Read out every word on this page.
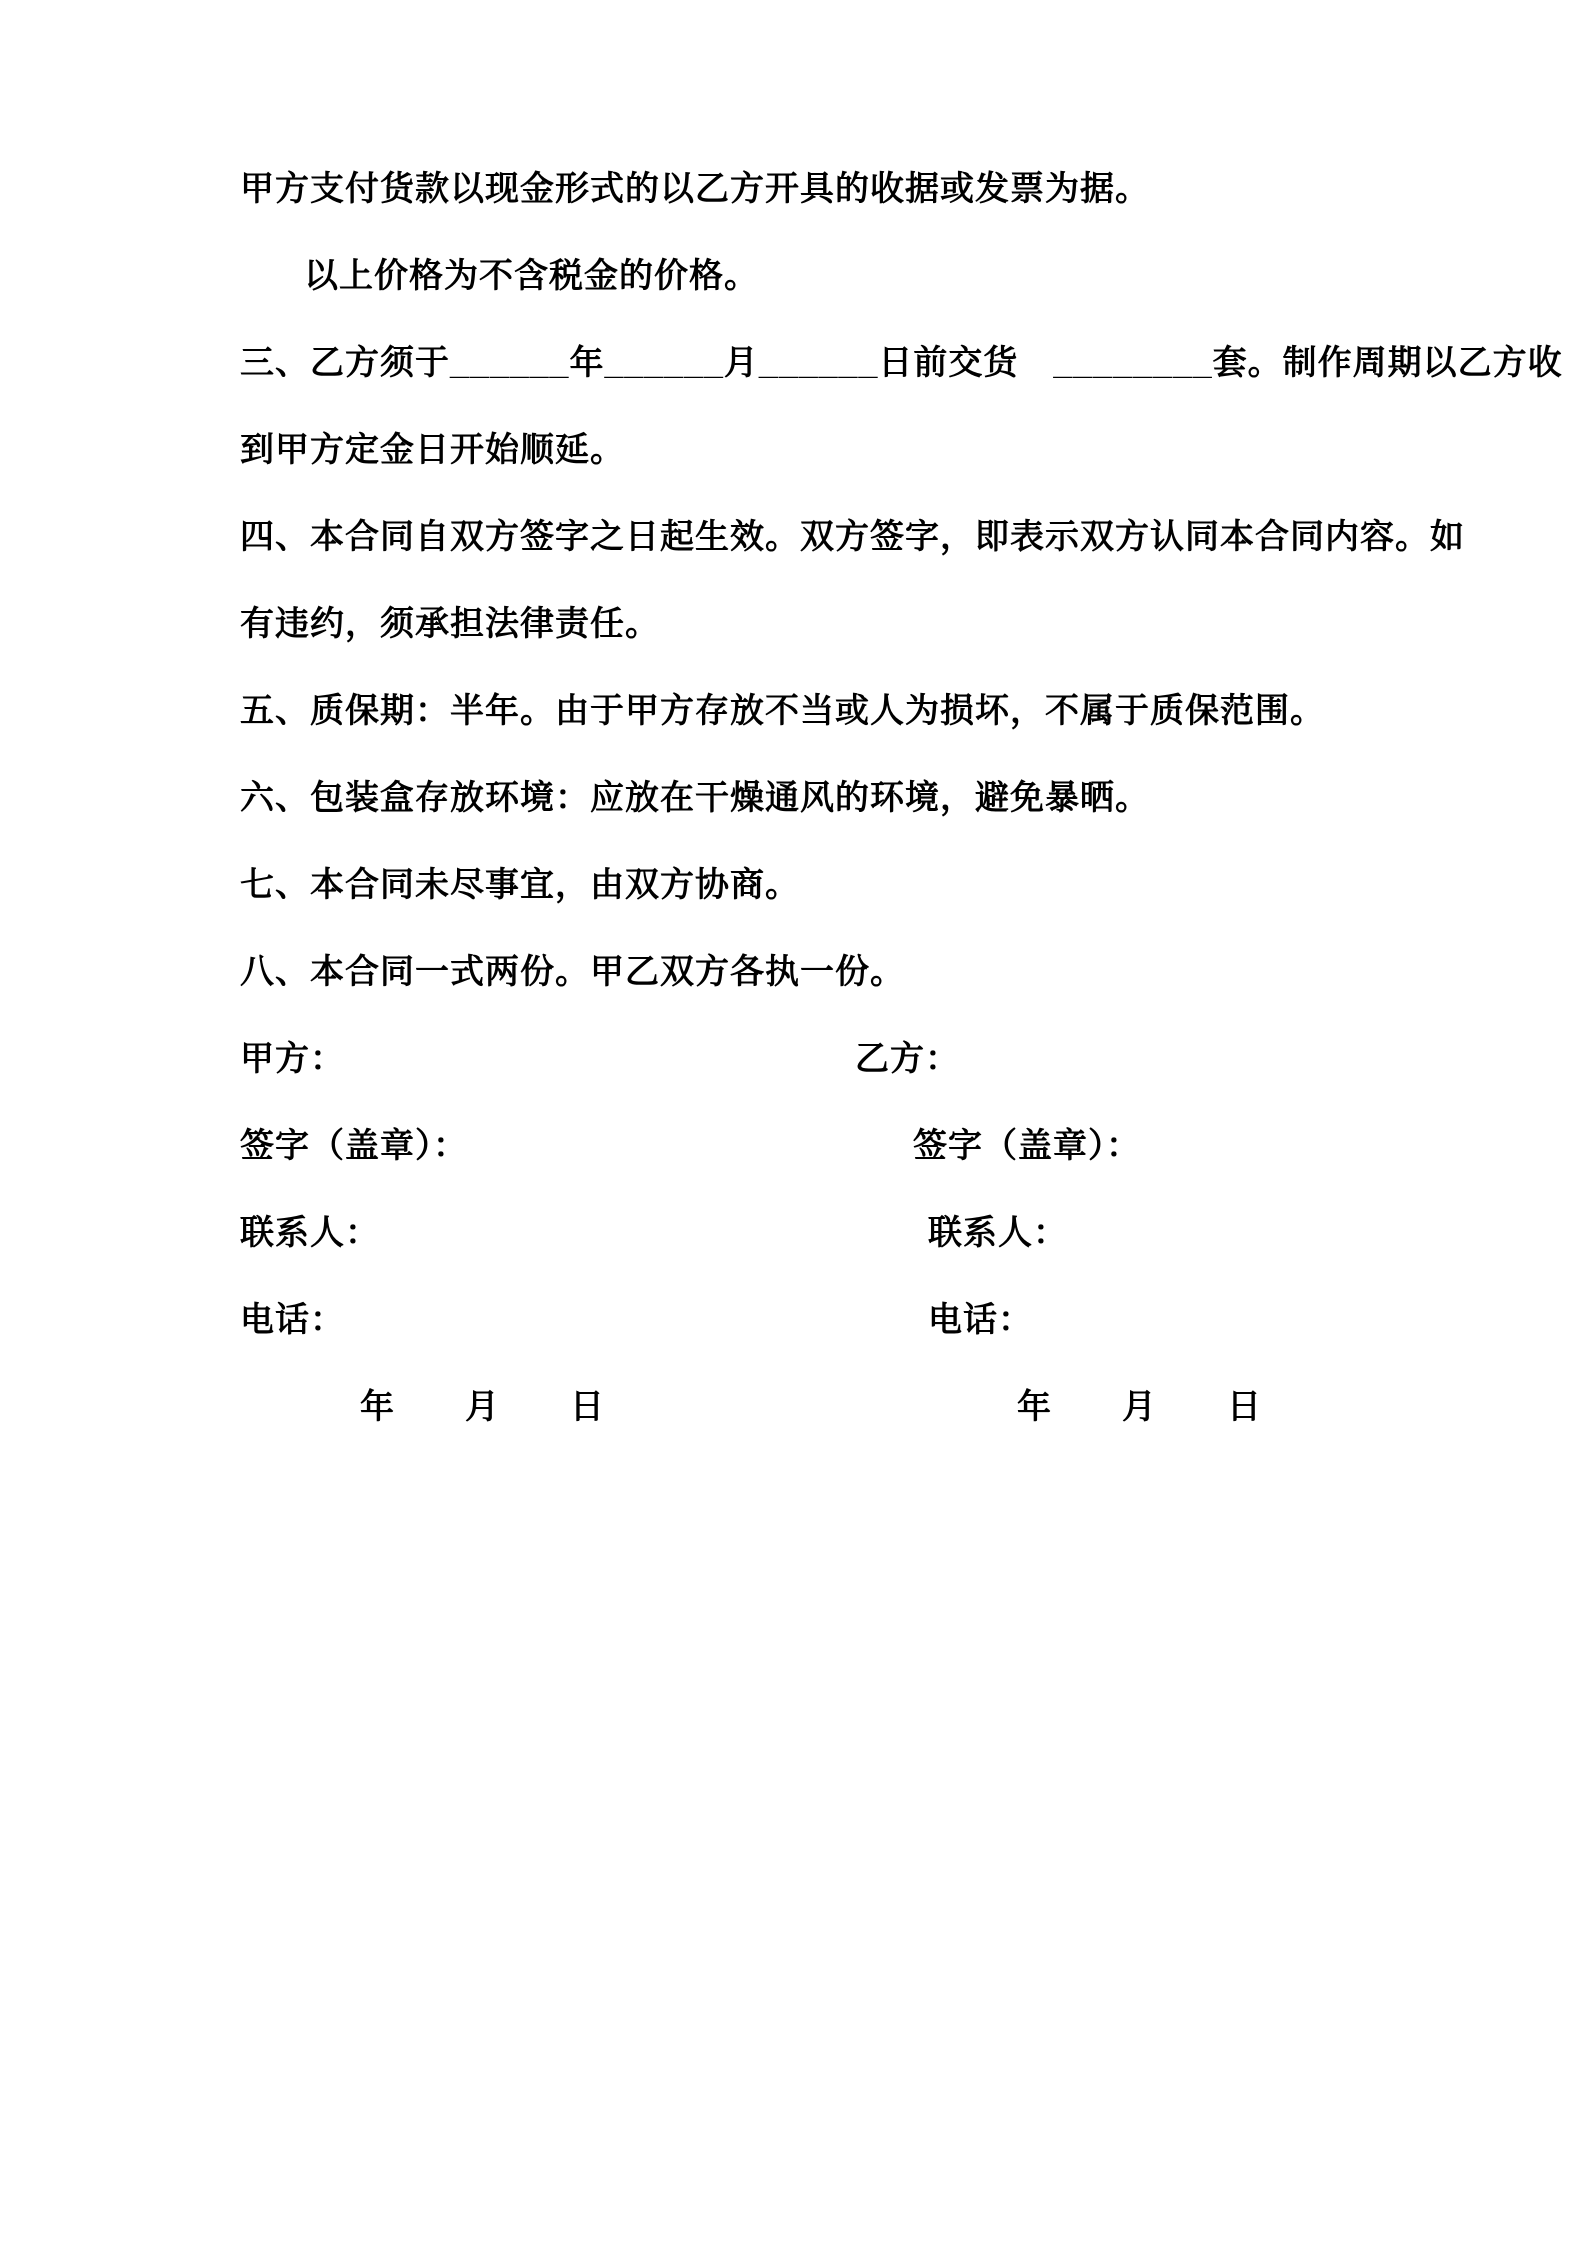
甲方支付货款以现金形式的以乙方开具的收据或发票为据。
以上价格为不含税金的价格。
三、乙方须于______年______月______日前交货　________套。制作周期以乙方收
到甲方定金日开始顺延。
四、本合同自双方签字之日起生效。双方签字，即表示双方认同本合同内容。如
有违约，须承担法律责任。
五、质保期：半年。由于甲方存放不当或人为损坏，不属于质保范围。
六、包装盒存放环境：应放在干燥通风的环境，避免暴晒。
七、本合同未尽事宜，由双方协商。
八、本合同一式两份。甲乙双方各执一份。
甲方：	乙方：
签字（盖章）：	签字（盖章）：
联系人：	联系人：
电话：	电话：
年　　月　　日	年　　月　　日
